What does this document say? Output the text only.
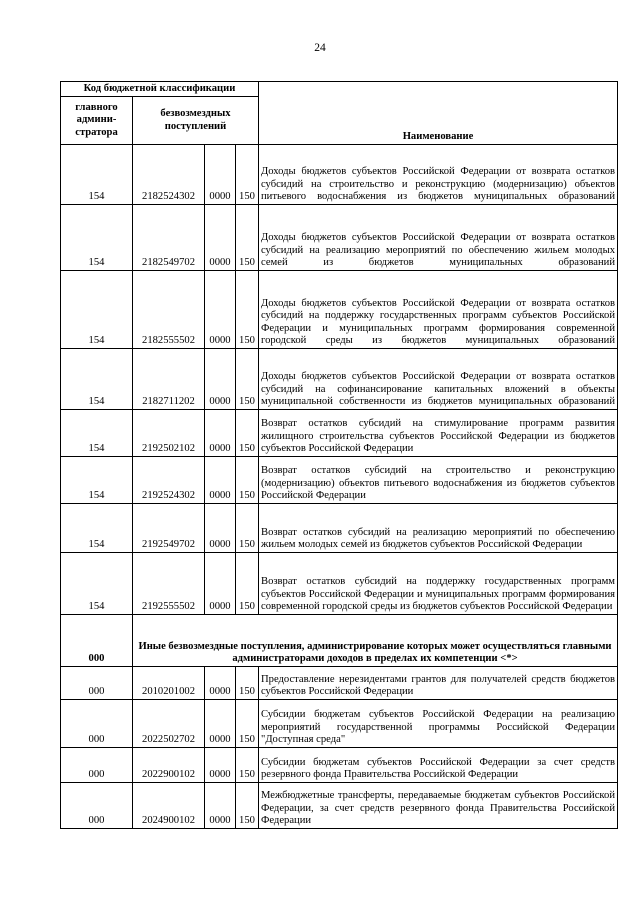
24
Код бюджетной классификации				Наименование
главного админи-стратора	безвозмездных поступлений			
154	2182524302	0000	150	Доходы бюджетов субъектов Российской Федерации от возврата остатков субсидий на строительство и реконструкцию (модернизацию) объектов питьевого водоснабжения из бюджетов муниципальных образований
154	2182549702	0000	150	Доходы бюджетов субъектов Российской Федерации от возврата остатков субсидий на реализацию мероприятий по обеспечению жильем молодых семей из бюджетов муниципальных образований
154	2182555502	0000	150	Доходы бюджетов субъектов Российской Федерации от возврата остатков субсидий на поддержку государственных программ субъектов Российской Федерации и муниципальных программ формирования современной городской среды из бюджетов муниципальных образований
154	2182711202	0000	150	Доходы бюджетов субъектов Российской Федерации от возврата остатков субсидий на софинансирование капитальных вложений в объекты муниципальной собственности из бюджетов муниципальных образований
154	2192502102	0000	150	Возврат остатков субсидий на стимулирование программ развития жилищного строительства субъектов Российской Федерации из бюджетов субъектов Российской Федерации
154	2192524302	0000	150	Возврат остатков субсидий на строительство и реконструкцию (модернизацию) объектов питьевого водоснабжения из бюджетов субъектов Российской Федерации
154	2192549702	0000	150	Возврат остатков субсидий на реализацию мероприятий по обеспечению жильем молодых семей из бюджетов субъектов Российской Федерации
154	2192555502	0000	150	Возврат остатков субсидий на поддержку государственных программ субъектов Российской Федерации и муниципальных программ формирования современной городской среды из бюджетов субъектов Российской Федерации
000	Иные безвозмездные поступления, администрирование которых может осуществляться главными администраторами доходов в пределах их компетенции <*>			
000	2010201002	0000	150	Предоставление нерезидентами грантов для получателей средств бюджетов субъектов Российской Федерации
000	2022502702	0000	150	Субсидии бюджетам субъектов Российской Федерации на реализацию мероприятий государственной программы Российской Федерации "Доступная среда"
000	2022900102	0000	150	Субсидии бюджетам субъектов Российской Федерации за счет средств резервного фонда Правительства Российской Федерации
000	2024900102	0000	150	Межбюджетные трансферты, передаваемые бюджетам субъектов Российской Федерации, за счет средств резервного фонда Правительства Российской Федерации
